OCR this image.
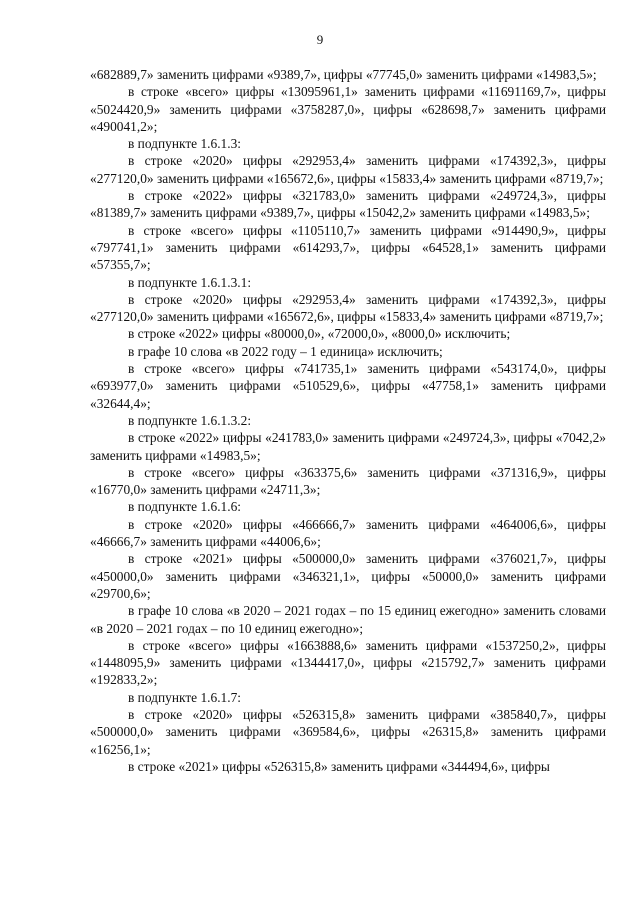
9

«682889,7» заменить цифрами «9389,7», цифры «77745,0» заменить цифрами «14983,5»;

в строке «всего» цифры «13095961,1» заменить цифрами «11691169,7», цифры «5024420,9» заменить цифрами «3758287,0», цифры «628698,7» заменить цифрами «490041,2»;

в подпункте 1.6.1.3:

в строке «2020» цифры «292953,4» заменить цифрами «174392,3», цифры «277120,0» заменить цифрами «165672,6», цифры «15833,4» заменить цифрами «8719,7»;

в строке «2022» цифры «321783,0» заменить цифрами «249724,3», цифры «81389,7» заменить цифрами «9389,7», цифры «15042,2» заменить цифрами «14983,5»;

в строке «всего» цифры «1105110,7» заменить цифрами «914490,9», цифры «797741,1» заменить цифрами «614293,7», цифры «64528,1» заменить цифрами «57355,7»;

в подпункте 1.6.1.3.1:

в строке «2020» цифры «292953,4» заменить цифрами «174392,3», цифры «277120,0» заменить цифрами «165672,6», цифры «15833,4» заменить цифрами «8719,7»;

в строке «2022» цифры «80000,0», «72000,0», «8000,0» исключить;

в графе 10 слова «в 2022 году – 1 единица» исключить;

в строке «всего» цифры «741735,1» заменить цифрами «543174,0», цифры «693977,0» заменить цифрами «510529,6», цифры «47758,1» заменить цифрами «32644,4»;

в подпункте 1.6.1.3.2:

в строке «2022» цифры «241783,0» заменить цифрами «249724,3», цифры «7042,2» заменить цифрами «14983,5»;

в строке «всего» цифры «363375,6» заменить цифрами «371316,9», цифры «16770,0» заменить цифрами «24711,3»;

в подпункте 1.6.1.6:

в строке «2020» цифры «466666,7» заменить цифрами «464006,6», цифры «46666,7» заменить цифрами «44006,6»;

в строке «2021» цифры «500000,0» заменить цифрами «376021,7», цифры «450000,0» заменить цифрами «346321,1», цифры «50000,0» заменить цифрами «29700,6»;

в графе 10 слова «в 2020 – 2021 годах – по 15 единиц ежегодно» заменить словами «в 2020 – 2021 годах – по 10 единиц ежегодно»;

в строке «всего» цифры «1663888,6» заменить цифрами «1537250,2», цифры «1448095,9» заменить цифрами «1344417,0», цифры «215792,7» заменить цифрами «192833,2»;

в подпункте 1.6.1.7:

в строке «2020» цифры «526315,8» заменить цифрами «385840,7», цифры «500000,0» заменить цифрами «369584,6», цифры «26315,8» заменить цифрами «16256,1»;

в строке «2021» цифры «526315,8» заменить цифрами «344494,6», цифры
